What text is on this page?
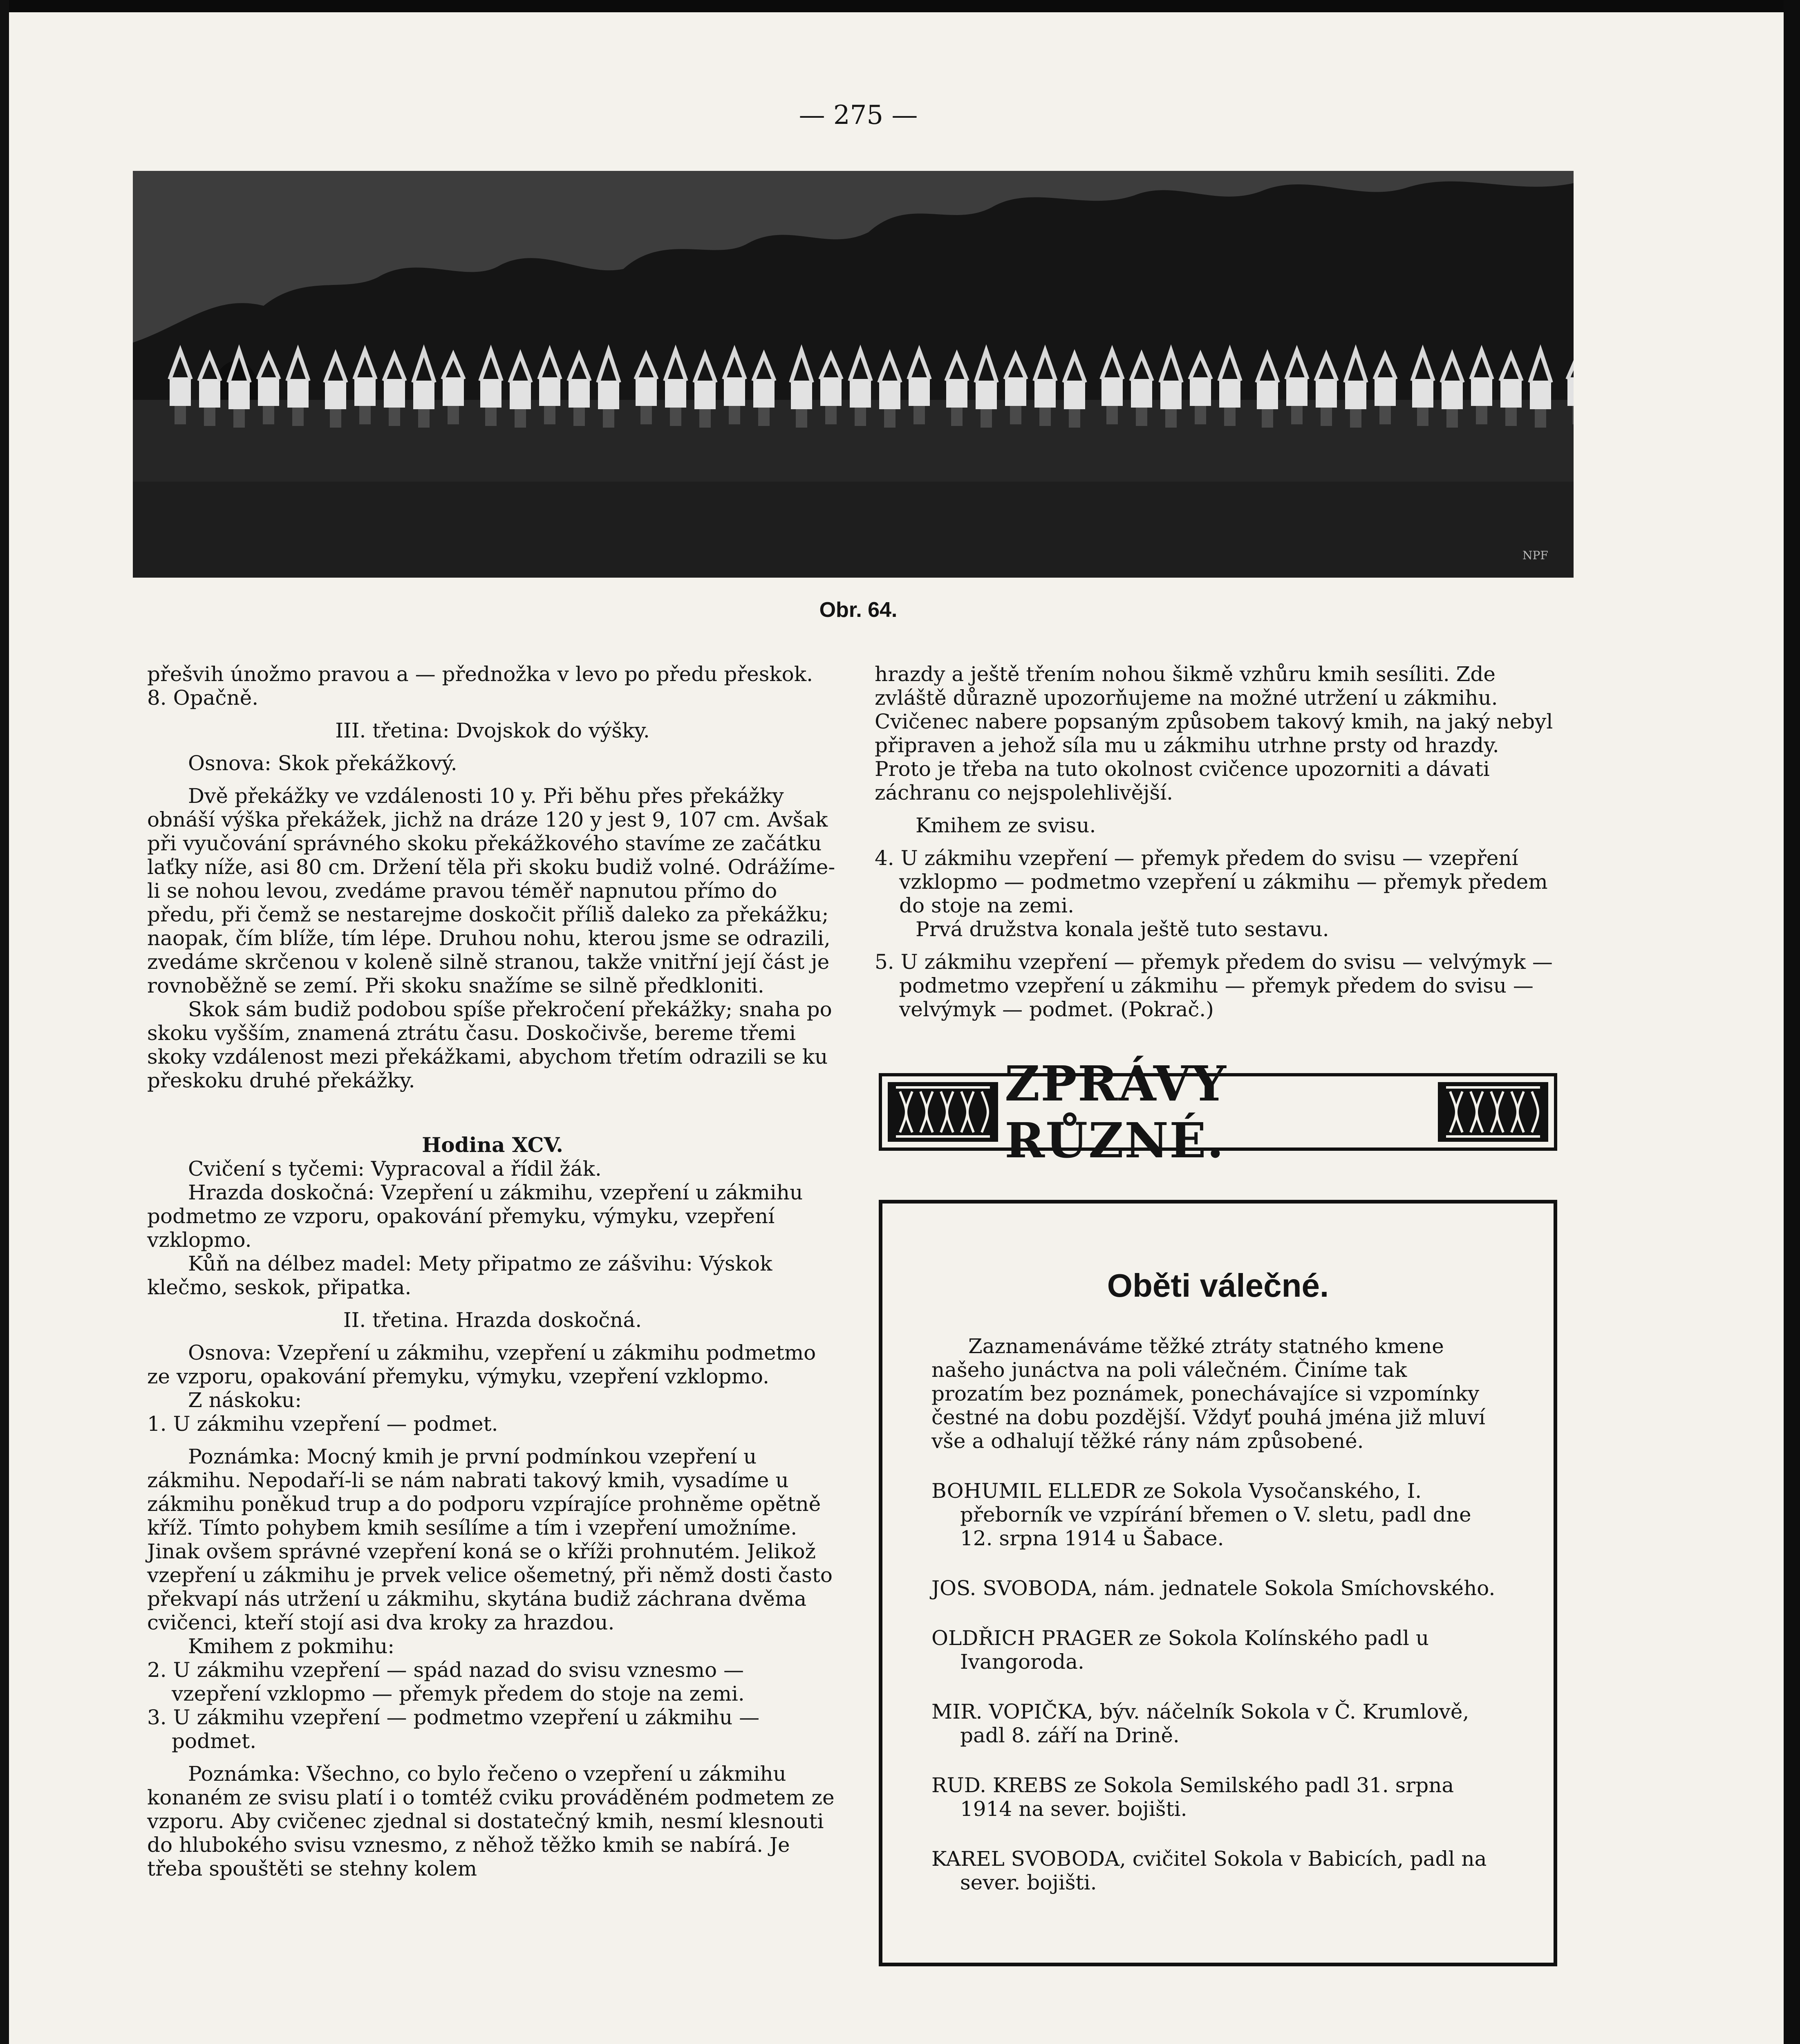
— 275 —
NPF
Obr. 64.

přešvih únožmo pravou a — přednožka v levo po předu přeskok.

8. Opačně.

III. třetina: Dvojskok do výšky.

Osnova: Skok překážkový.

Dvě překážky ve vzdálenosti 10 y. Při běhu přes překážky obnáší výška překážek, jichž na dráze 120 y jest 9, 107 cm. Avšak při vyučování správného skoku překážkového stavíme ze začátku laťky níže, asi 80 cm. Držení těla při skoku budiž volné. Odrážíme-li se nohou levou, zvedáme pravou téměř napnutou přímo do předu, při čemž se nestarejme doskočit příliš daleko za překážku; naopak, čím blíže, tím lépe. Druhou nohu, kterou jsme se odrazili, zvedáme skrčenou v koleně silně stranou, takže vnitřní její část je rovnoběžně se zemí. Při skoku snažíme se silně předkloniti.

Skok sám budiž podobou spíše překročení překážky; snaha po skoku vyšším, znamená ztrátu času. Doskočivše, bereme třemi skoky vzdálenost mezi překážkami, abychom třetím odrazili se ku přeskoku druhé překážky.

Hodina XCV.

Cvičení s tyčemi: Vypracoval a řídil žák.

Hrazda doskočná: Vzepření u zákmihu, vzepření u zákmihu podmetmo ze vzporu, opakování přemyku, výmyku, vzepření vzklopmo.

Kůň na délbez madel: Mety připatmo ze zášvihu: Výskok klečmo, seskok, připatka.

II. třetina. Hrazda doskočná.

Osnova: Vzepření u zákmihu, vzepření u zákmihu podmetmo ze vzporu, opakování přemyku, výmyku, vzepření vzklopmo.

Z náskoku:

1. U zákmihu vzepření — podmet.

Poznámka: Mocný kmih je první podmínkou vzepření u zákmihu. Nepodaří-li se nám nabrati takový kmih, vysadíme u zákmihu poněkud trup a do podporu vzpírajíce prohněme opětně kříž. Tímto pohybem kmih sesílíme a tím i vzepření umožníme. Jinak ovšem správné vzepření koná se o kříži prohnutém. Jelikož vzepření u zákmihu je prvek velice ošemetný, při němž dosti často překvapí nás utržení u zákmihu, skytána budiž záchrana dvěma cvičenci, kteří stojí asi dva kroky za hrazdou.

Kmihem z pokmihu:

2. U zákmihu vzepření — spád nazad do svisu vznesmo — vzepření vzklopmo — přemyk předem do stoje na zemi.

3. U zákmihu vzepření — podmetmo vzepření u zákmihu — podmet.

Poznámka: Všechno, co bylo řečeno o vzepření u zákmihu konaném ze svisu platí i o tomtéž cviku prováděném podmetem ze vzporu. Aby cvičenec zjednal si dostatečný kmih, nesmí klesnouti do hlubokého svisu vznesmo, z něhož těžko kmih se nabírá. Je třeba spouštěti se stehny kolem

hrazdy a ještě třením nohou šikmě vzhůru kmih sesíliti. Zde zvláště důrazně upozorňujeme na možné utržení u zákmihu. Cvičenec nabere popsaným způsobem takový kmih, na jaký nebyl připraven a jehož síla mu u zákmihu utrhne prsty od hrazdy. Proto je třeba na tuto okolnost cvičence upozorniti a dávati záchranu co nejspolehlivější.

Kmihem ze svisu.

4. U zákmihu vzepření — přemyk předem do svisu — vzepření vzklopmo — podmetmo vzepření u zákmihu — přemyk předem do stoje na zemi.

Prvá družstva konala ještě tuto sestavu.

5. U zákmihu vzepření — přemyk předem do svisu — velvýmyk — podmetmo vzepření u zákmihu — přemyk předem do svisu — velvýmyk — podmet. (Pokrač.)

ZPRÁVY RŮZNÉ.
Oběti válečné.

Zaznamenáváme těžké ztráty statného kmene našeho junáctva na poli válečném. Činíme tak prozatím bez poznámek, ponechávajíce si vzpomínky čestné na dobu pozdější. Vždyť pouhá jména již mluví vše a odhalují těžké rány nám způsobené.

BOHUMIL ELLEDR ze Sokola Vysočanského, I. přeborník ve vzpírání břemen o V. sletu, padl dne 12. srpna 1914 u Šabace.

JOS. SVOBODA, nám. jednatele Sokola Smíchovského.

OLDŘICH PRAGER ze Sokola Kolínského padl u Ivangoroda.

MIR. VOPIČKA, býv. náčelník Sokola v Č. Krumlově, padl 8. září na Drině.

RUD. KREBS ze Sokola Semilského padl 31. srpna 1914 na sever. bojišti.

KAREL SVOBODA, cvičitel Sokola v Babicích, padl na sever. bojišti.
